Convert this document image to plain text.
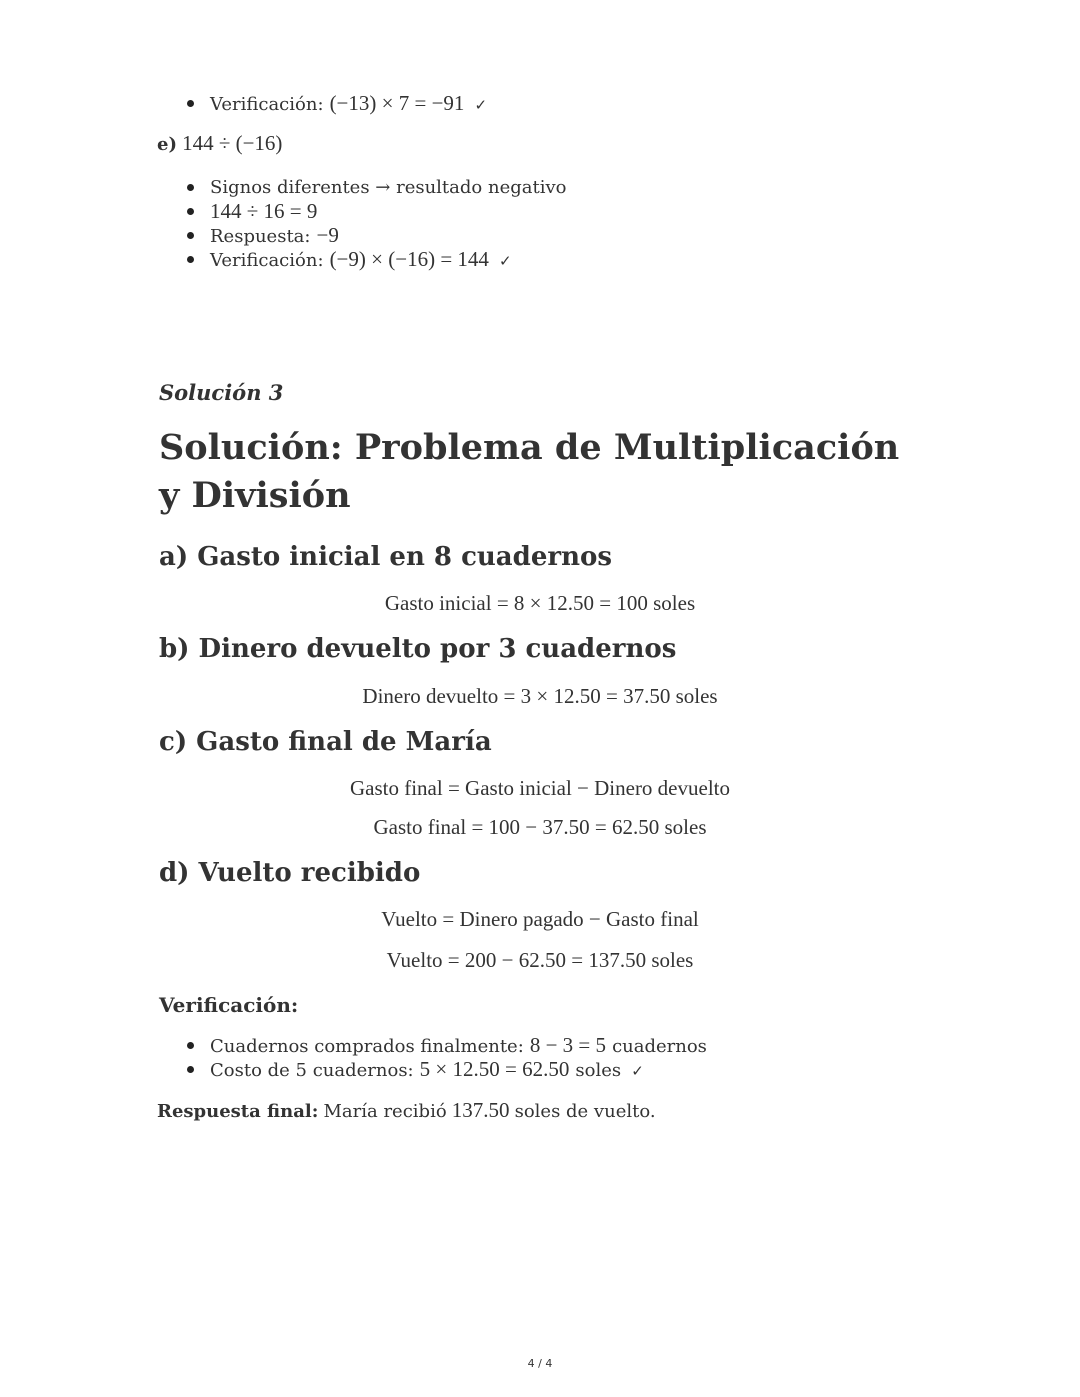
Verificación: (−13) × 7 = −91 ✓
e) 144 ÷ (−16)
Signos diferentes → resultado negativo
144 ÷ 16 = 9
Respuesta: −9
Verificación: (−9) × (−16) = 144 ✓
Solución 3
Solución: Problema de Multiplicación y División
a) Gasto inicial en 8 cuadernos
Gasto inicial = 8 × 12.50 = 100 soles
b) Dinero devuelto por 3 cuadernos
Dinero devuelto = 3 × 12.50 = 37.50 soles
c) Gasto final de María
Gasto final = Gasto inicial − Dinero devuelto
Gasto final = 100 − 37.50 = 62.50 soles
d) Vuelto recibido
Vuelto = Dinero pagado − Gasto final
Vuelto = 200 − 62.50 = 137.50 soles
Verificación:
Cuadernos comprados finalmente: 8 − 3 = 5 cuadernos
Costo de 5 cuadernos: 5 × 12.50 = 62.50 soles ✓
Respuesta final: María recibió 137.50 soles de vuelto.
4 / 4
